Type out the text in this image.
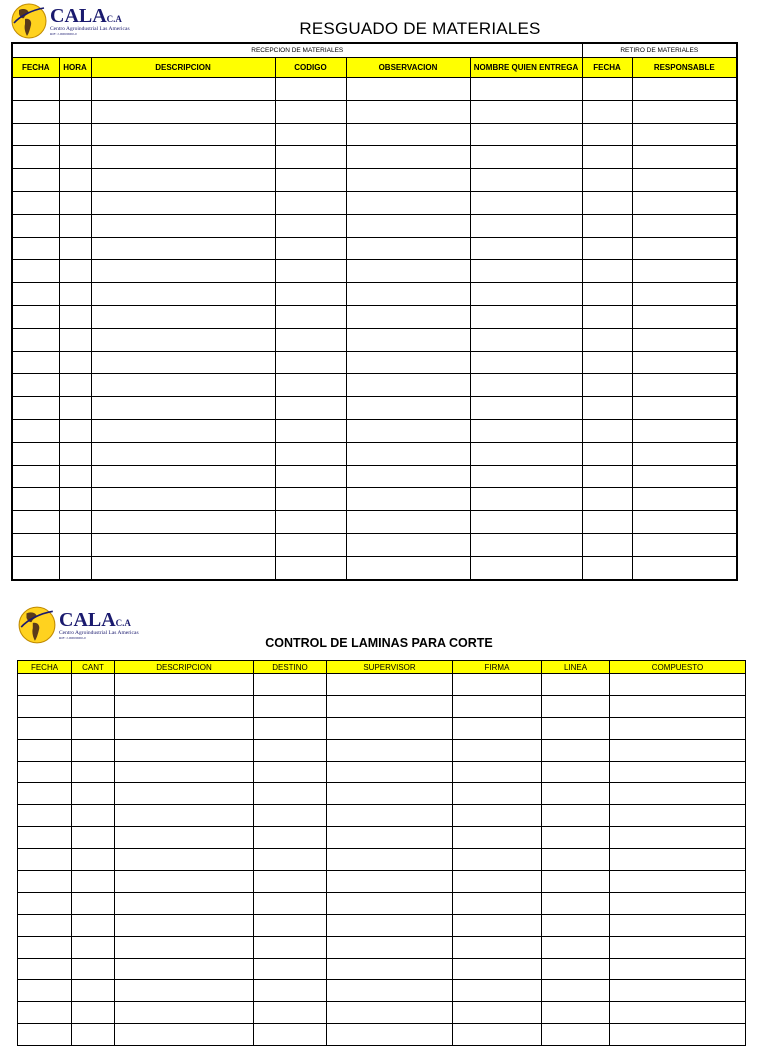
CALAC.A
Centro Agroindustrial Las Americas
RIF: J-00000000-0	RESGUADO DE MATERIALES
RECEPCION DE MATERIALES						RETIRO DE MATERIALES	
FECHA	HORA	DESCRIPCION	CODIGO	OBSERVACION	NOMBRE QUIEN ENTREGA	FECHA	RESPONSABLE

CALAC.A
Centro Agroindustrial Las Americas
RIF: J-00000000-0	CONTROL DE LAMINAS PARA CORTE
FECHA	CANT	DESCRIPCION	DESTINO	SUPERVISOR	FIRMA	LINEA	COMPUESTO
